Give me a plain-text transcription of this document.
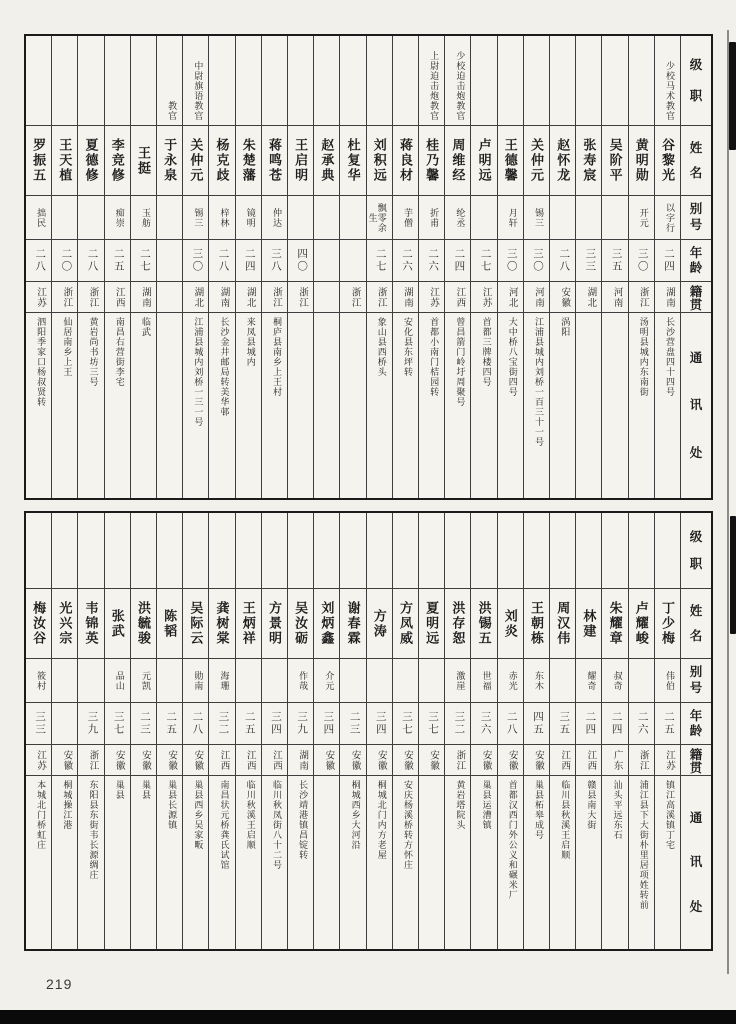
级
职
姓
名
别
号
年
龄
籍
贯
通
讯
处
少校马术教官
谷黎光
以字行
二四
湖南
长沙营盘四十四号
黄明勋
开元
三〇
浙江
汤明县城内东南街
吴阶平
三五
河南
张寿宸
三三
湖北
赵怀龙
二八
安徽
涡阳
关仲元
锡三
三〇
河南
江浦县城内刘桥一百三十一号
王德馨
月轩
三〇
河北
大中桥八宝街四号
卢明远
二七
江苏
首都三牌楼四号
少校迫击炮教官
周维经
纶丞
二四
江西
曾昌箭门岭圩周聚号
上尉迫击炮教官
桂乃馨
折甫
二六
江苏
首都小南门桔园转
蒋良材
芋僧
二六
湖南
安化县东坪转
刘积远
飘零余生
二七
浙江
象山县西桥头
杜复华
浙江
赵承典
王启明
四〇
浙江
蒋鸣苍
仲达
三八
浙江
桐庐县南乡上王村
朱楚藩
镜明
二四
湖北
来凤县城内
杨克歧
梓林
二八
湖南
长沙金井邮局转美华邨
中尉旗语教官
关仲元
锡三
三〇
湖北
江浦县城内刘桥一三一号
教官
于永泉
王挺
玉舫
二七
湖南
临武
李竞修
痴崇
二五
江西
南昌右营街李宅
夏德修
二八
浙江
黄岩尚书坊三号
王天植
二〇
浙江
仙居南乡上王
罗振五
拙民
二八
江苏
泗阳季家口杨叔贤转
级
职
姓
名
别
号
年
龄
籍
贯
通
讯
处
丁少梅
伟伯
二五
江苏
镇江高溪镇丁宅
卢耀峻
二六
浙江
浦江县下大街朴里居项姓转前
朱耀章
叔奇
二四
广东
汕头平远东石
林建
耀奇
二四
江西
赣县南大街
周汉伟
三五
江西
临川县秋溪王启顺
王朝栋
东木
四五
安徽
巢县柘皋成号
刘炎
赤光
二八
安徽
首都汉西门外公义和碾米厂
洪锡五
世福
三六
安徽
巢县运漕镇
洪存恕
激崖
三二
浙江
黄岩塔院头
夏明远
三七
安徽
方凤威
三七
安徽
安庆杨溪桥转方怀庄
方涛
三四
安徽
桐城北门内方老屋
谢春霖
二三
安徽
桐城西乡大河沿
刘炳鑫
介元
三四
安徽
吴汝砺
作哉
三九
湖南
长沙靖港镇昌锭转
方景明
三四
江西
临川秋凤街八十二号
王炳祥
二五
江西
临川秋溪王启顺
龚树棠
海珊
三二
江西
南昌状元桥龚氏试馆
吴际云
勋南
二八
安徽
巢县西乡吴家畈
陈韬
二五
安徽
巢县长源镇
洪毓骏
元凯
二三
安徽
巢县
张武
品山
三七
安徽
巢县
韦锦英
三九
浙江
东阳县东街韦长源绸庄
光兴宗
安徽
桐城操江港
梅汝谷
筱村
三三
江苏
本城北门桥虹庄
219
